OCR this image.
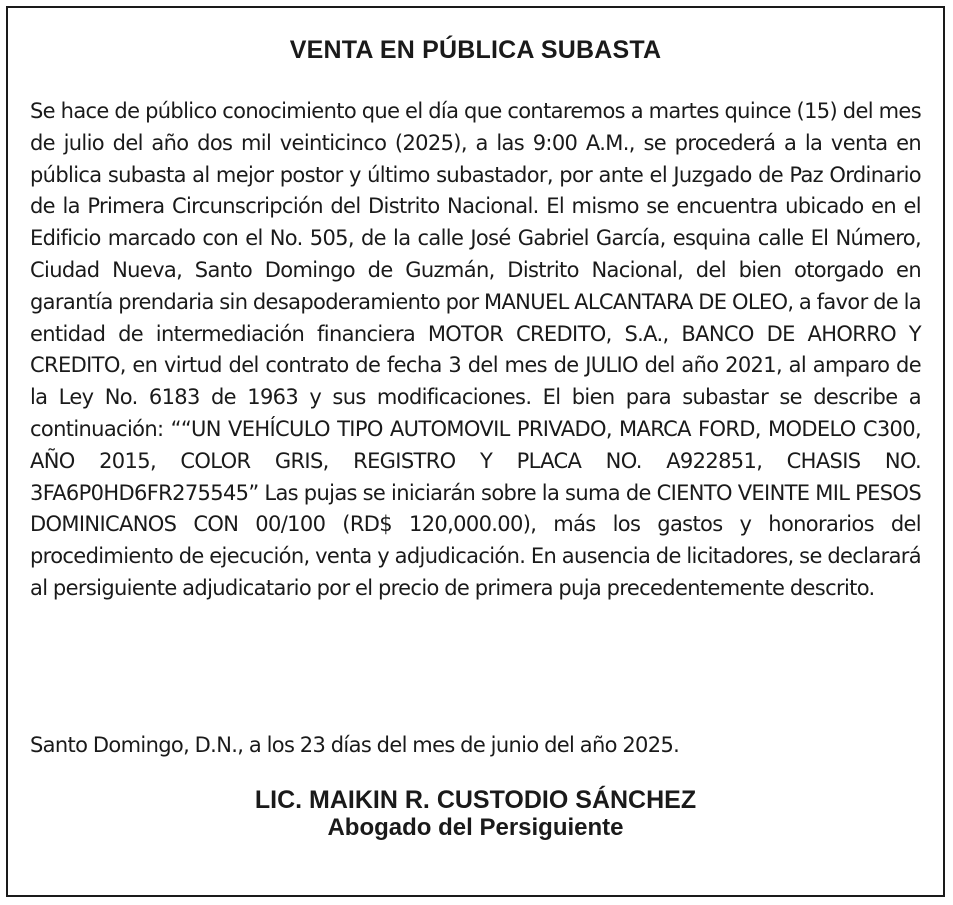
VENTA EN PÚBLICA SUBASTA
Se hace de público conocimiento que el día que contaremos a martes quince (15) del mes de julio del año dos mil veinticinco (2025), a las 9:00 A.M., se procederá a la venta en pública subasta al mejor postor y último subastador, por ante el Juzgado de Paz Ordinario de la Primera Circunscripción del Distrito Nacional. El mismo se encuentra ubicado en el Edificio marcado con el No. 505, de la calle José Gabriel García, esquina calle El Número, Ciudad Nueva, Santo Domingo de Guzmán, Distrito Nacional, del bien otorgado en garantía prendaria sin desapoderamiento por MANUEL ALCANTARA DE OLEO, a favor de la entidad de intermediación financiera MOTOR CREDITO, S.A., BANCO DE AHORRO Y CREDITO, en virtud del contrato de fecha 3 del mes de JULIO del año 2021, al amparo de la Ley No. 6183 de 1963 y sus modificaciones. El bien para subastar se describe a continuación: ““UN VEHÍCULO TIPO AUTOMOVIL PRIVADO, MARCA FORD, MODELO C300, AÑO 2015, COLOR GRIS, REGISTRO Y PLACA NO. A922851, CHASIS NO. 3FA6P0HD6FR275545” Las pujas se iniciarán sobre la suma de CIENTO VEINTE MIL PESOS DOMINICANOS CON 00/100 (RD$ 120,000.00), más los gastos y honorarios del procedimiento de ejecución, venta y adjudicación. En ausencia de licitadores, se declarará al persiguiente adjudicatario por el precio de primera puja precedentemente descrito.
Santo Domingo, D.N., a los 23 días del mes de junio del año 2025.
LIC. MAIKIN R. CUSTODIO SÁNCHEZ
Abogado del Persiguiente
